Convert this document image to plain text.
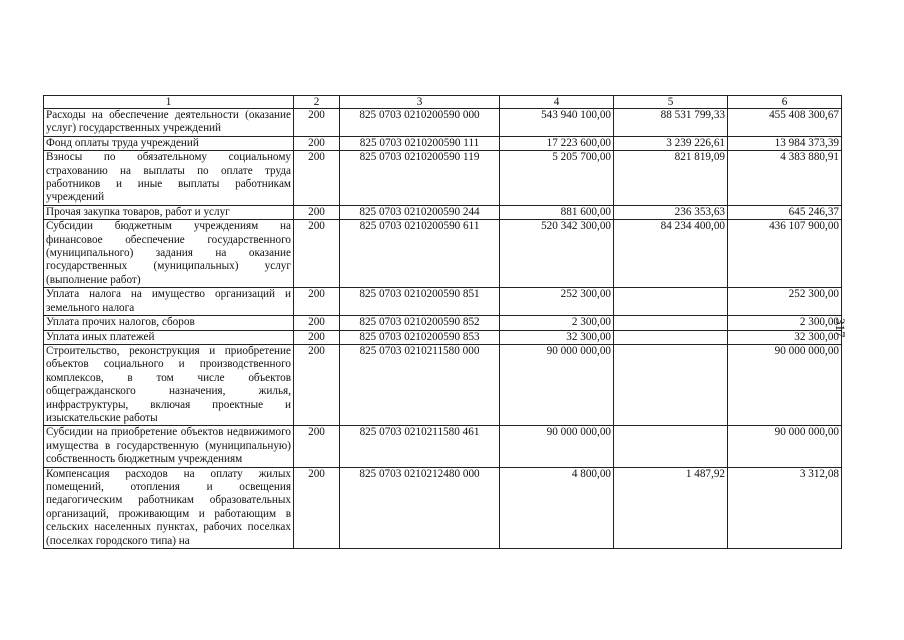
1	2	3	4	5	6
Расходы на обеспечение деятельности (оказание услуг) государственных учреждений	200	825 0703 0210200590 000	543 940 100,00	88 531 799,33	455 408 300,67
Фонд оплаты труда учреждений	200	825 0703 0210200590 111	17 223 600,00	3 239 226,61	13 984 373,39
Взносы по обязательному социальному страхованию на выплаты по оплате труда работников и иные выплаты работникам учреждений	200	825 0703 0210200590 119	5 205 700,00	821 819,09	4 383 880,91
Прочая закупка товаров, работ и услуг	200	825 0703 0210200590 244	881 600,00	236 353,63	645 246,37
Субсидии бюджетным учреждениям на финансовое обеспечение государственного (муниципального) задания на оказание государственных (муниципальных) услуг (выполнение работ)	200	825 0703 0210200590 611	520 342 300,00	84 234 400,00	436 107 900,00
Уплата налога на имущество организаций и земельного налога	200	825 0703 0210200590 851	252 300,00		252 300,00
Уплата прочих налогов, сборов	200	825 0703 0210200590 852	2 300,00		2 300,00
Уплата иных платежей	200	825 0703 0210200590 853	32 300,00		32 300,00
Строительство, реконструкция и приобретение объектов социального и производственного комплексов, в том числе объектов общегражданского назначения, жилья, инфраструктуры, включая проектные и изыскательские работы	200	825 0703 0210211580 000	90 000 000,00		90 000 000,00
Субсидии на приобретение объектов недвижимого имущества в государственную (муниципальную) собственность бюджетным учреждениям	200	825 0703 0210211580 461	90 000 000,00		90 000 000,00
Компенсация расходов на оплату жилых помещений, отопления и освещения педагогическим работникам образовательных организаций, проживающим и работающим в сельских населенных пунктах, рабочих поселках (поселках городского типа) на	200	825 0703 0210212480 000	4 800,00	1 487,92	3 312,08
317
